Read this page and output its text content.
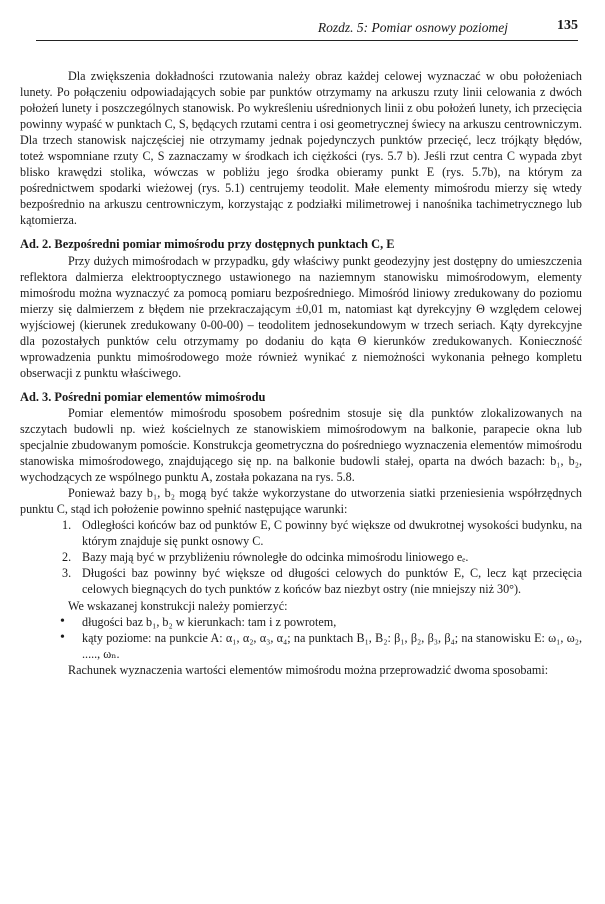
Rozdz. 5: Pomiar osnowy poziomej	135

Dla zwiększenia dokładności rzutowania należy obraz każdej celowej wyznaczać w obu położeniach lunety. Po połączeniu odpowiadających sobie par punktów otrzymamy na arkuszu rzuty linii celowania z dwóch położeń lunety i poszczególnych stanowisk. Po wykreśleniu uśrednionych linii z obu położeń lunety, ich przecięcia powinny wypaść w punktach C, S, będących rzutami centra i osi geometrycznej świecy na arkuszu centrowniczym. Dla trzech stanowisk najczęściej nie otrzymamy jednak pojedynczych punktów przecięć, lecz trójkąty błędów, toteż wspomniane rzuty C, S zaznaczamy w środkach ich ciężkości (rys. 5.7 b). Jeśli rzut centra C wypada zbyt blisko krawędzi stolika, wówczas w pobliżu jego środka obieramy punkt E (rys. 5.7b), na którym za pośrednictwem spodarki wieżowej (rys. 5.1) centrujemy teodolit. Małe elementy mimośrodu mierzy się wtedy bezpośrednio na arkuszu centrowniczym, korzystając z podziałki milimetrowej i nanośnika tachimetrycznego lub kątomierza.

Ad. 2. Bezpośredni pomiar mimośrodu przy dostępnych punktach C, E

Przy dużych mimośrodach w przypadku, gdy właściwy punkt geodezyjny jest dostępny do umieszczenia reflektora dalmierza elektrooptycznego ustawionego na naziemnym stanowisku mimośrodowym, elementy mimośrodu można wyznaczyć za pomocą pomiaru bezpośredniego. Mimośród liniowy zredukowany do poziomu mierzy się dalmierzem z błędem nie przekraczającym ±0,01 m, natomiast kąt dyrekcyjny Θ względem celowej wyjściowej (kierunek zredukowany 0-00-00) – teodolitem jednosekundowym w trzech seriach. Kąty dyrekcyjne dla pozostałych punktów celu otrzymamy po dodaniu do kąta Θ kierunków zredukowanych. Konieczność wprowadzenia punktu mimośrodowego może również wynikać z niemożności wykonania pełnego kompletu obserwacji z punktu właściwego.

Ad. 3. Pośredni pomiar elementów mimośrodu

Pomiar elementów mimośrodu sposobem pośrednim stosuje się dla punktów zlokalizowanych na szczytach budowli np. wież kościelnych ze stanowiskiem mimośrodowym na balkonie, parapecie okna lub specjalnie zbudowanym pomoście. Konstrukcja geometryczna do pośredniego wyznaczenia elementów mimośrodu stanowiska mimośrodowego, znajdującego się np. na balkonie budowli stałej, oparta na dwóch bazach: b₁, b₂, wychodzących ze wspólnego punktu A, została pokazana na rys. 5.8.

Ponieważ bazy b₁, b₂ mogą być także wykorzystane do utworzenia siatki przeniesienia współrzędnych punktu C, stąd ich położenie powinno spełnić następujące warunki:

1. Odległości końców baz od punktów E, C powinny być większe od dwukrotnej wysokości budynku, na którym znajduje się punkt osnowy C.
2. Bazy mają być w przybliżeniu równoległe do odcinka mimośrodu liniowego eₑ.
3. Długości baz powinny być większe od długości celowych do punktów E, C, lecz kąt przecięcia celowych biegnących do tych punktów z końców baz niezbyt ostry (nie mniejszy niż 30°).

We wskazanej konstrukcji należy pomierzyć:

• długości baz b₁, b₂ w kierunkach: tam i z powrotem,
• kąty poziome: na punkcie A: α₁, α₂, α₃, α₄; na punktach B₁, B₂: β₁, β₂, β₃, β₄; na stanowisku E: ω₁, ω₂, ....., ωₙ.

Rachunek wyznaczenia wartości elementów mimośrodu można przeprowadzić dwoma sposobami:
